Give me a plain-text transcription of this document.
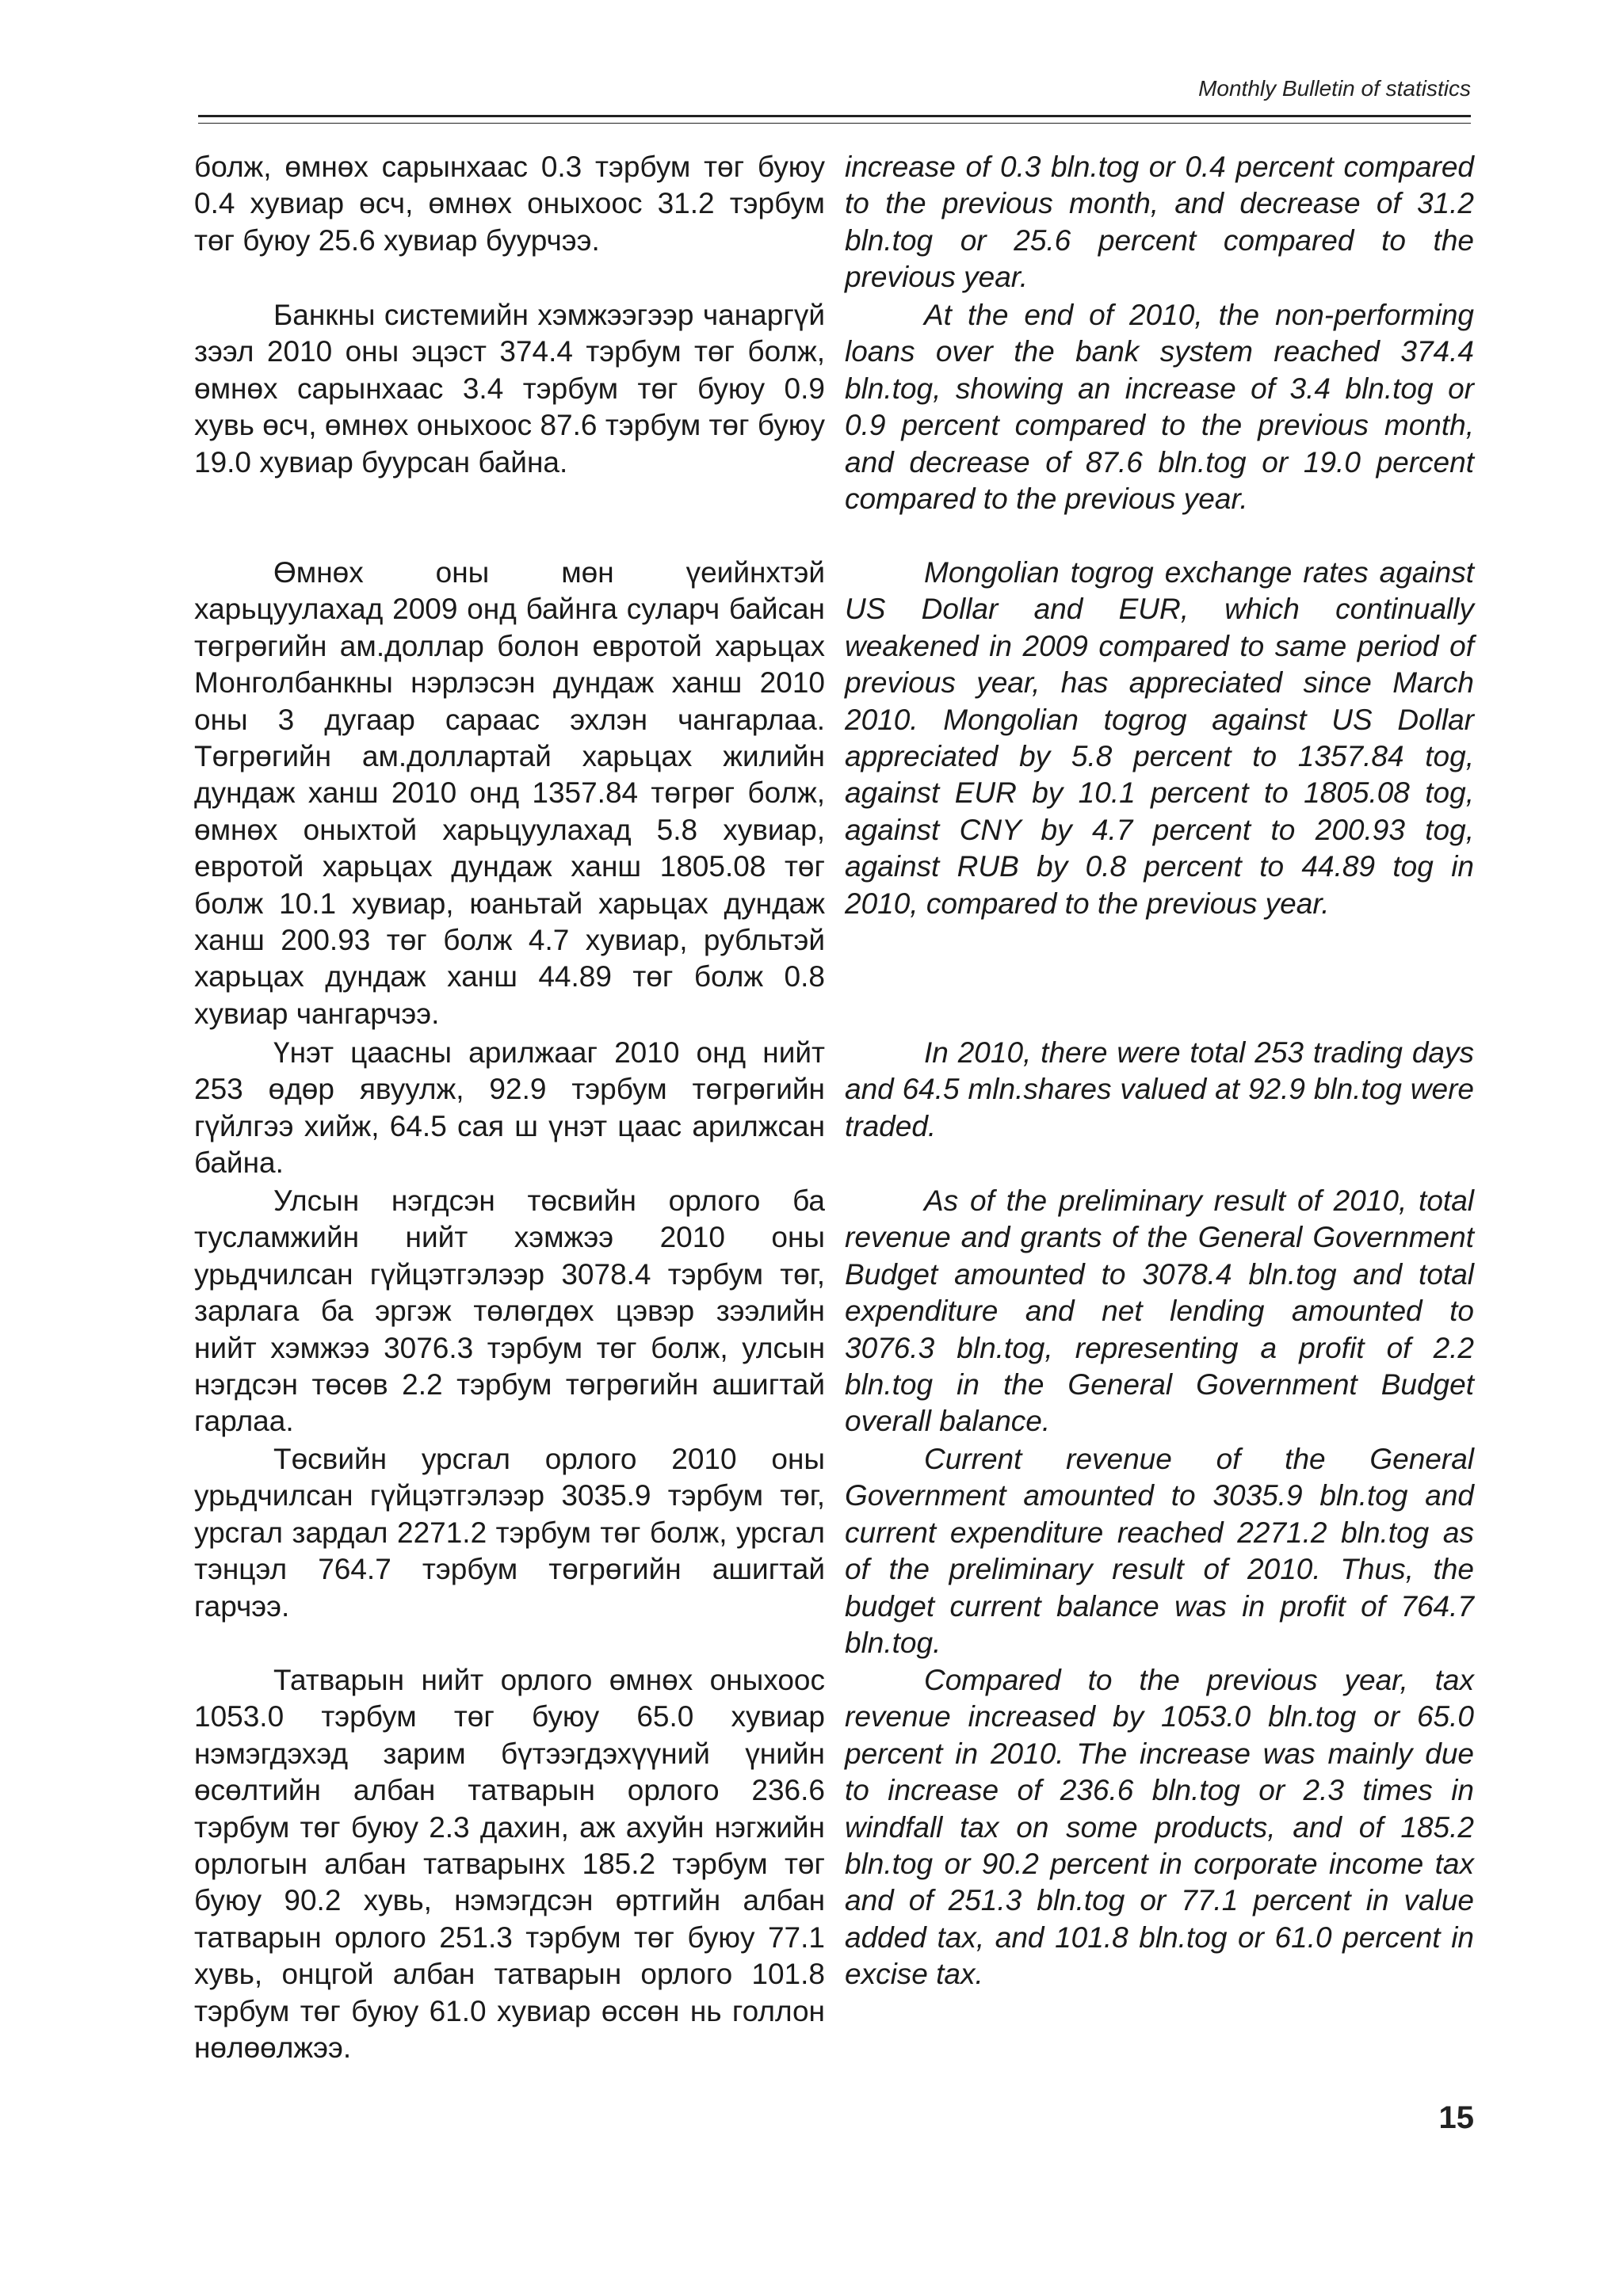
Monthly Bulletin of statistics

болж, өмнөх сарынхаас 0.3 тэрбум төг буюу 0.4 хувиар өсч, өмнөх оныхоос 31.2 тэрбум төг буюу 25.6 хувиар буурчээ.

Банкны системийн хэмжээгээр чанаргүй зээл 2010 оны эцэст 374.4 тэрбум төг болж, өмнөх сарынхаас 3.4 тэрбум төг буюу 0.9 хувь өсч, өмнөх оныхоос 87.6 тэрбум төг буюу 19.0 хувиар буурсан байна.

Өмнөх оны мөн үеийнхтэй харьцуулахад 2009 онд байнга суларч байсан төгрөгийн ам.доллар болон евротой харьцах Монголбанкны нэрлэсэн дундаж ханш 2010 оны 3 дугаар сараас эхлэн чангарлаа. Төгрөгийн ам.доллартай харьцах жилийн дундаж ханш 2010 онд 1357.84 төгрөг болж, өмнөх оныхтой харьцуулахад 5.8 хувиар, евротой харьцах дундаж ханш 1805.08 төг болж 10.1 хувиар, юаньтай харьцах дундаж ханш 200.93 төг болж 4.7 хувиар, рубльтэй харьцах дундаж ханш 44.89 төг болж 0.8 хувиар чангарчээ.

Үнэт цаасны арилжааг 2010 онд нийт 253 өдөр явуулж, 92.9 тэрбум төгрөгийн гүйлгээ хийж, 64.5 сая ш үнэт цаас арилжсан байна.

Улсын нэгдсэн төсвийн орлого ба тусламжийн нийт хэмжээ 2010 оны урьдчилсан гүйцэтгэлээр 3078.4 тэрбум төг, зарлага ба эргэж төлөгдөх цэвэр зээлийн нийт хэмжээ 3076.3 тэрбум төг болж, улсын нэгдсэн төсөв 2.2 тэрбум төгрөгийн ашигтай гарлаа.

Төсвийн урсгал орлого 2010 оны урьдчилсан гүйцэтгэлээр 3035.9 тэрбум төг, урсгал зардал 2271.2 тэрбум төг болж, урсгал тэнцэл 764.7 тэрбум төгрөгийн ашигтай гарчээ.

Татварын нийт орлого өмнөх оныхоос 1053.0 тэрбум төг буюу 65.0 хувиар нэмэгдэхэд зарим бүтээгдэхүүний үнийн өсөлтийн албан татварын орлого 236.6 тэрбум төг буюу 2.3 дахин, аж ахуйн нэгжийн орлогын албан татварынх 185.2 тэрбум төг буюу 90.2 хувь, нэмэгдсэн өртгийн албан татварын орлого 251.3 тэрбум төг буюу 77.1 хувь, онцгой албан татварын орлого 101.8 тэрбум төг буюу 61.0 хувиар өссөн нь голлон нөлөөлжээ.

increase of 0.3 bln.tog or 0.4 percent compared to the previous month, and decrease of 31.2 bln.tog or 25.6 percent compared to the previous year.

At the end of 2010, the non-performing loans over the bank system reached 374.4 bln.tog, showing an increase of 3.4 bln.tog or 0.9 percent compared to the previous month, and decrease of 87.6 bln.tog or 19.0 percent compared to the previous year.

Mongolian togrog exchange rates against US Dollar and EUR, which continually weakened in 2009 compared to same period of previous year, has appreciated since March 2010. Mongolian togrog against US Dollar appreciated by 5.8 percent to 1357.84 tog, against EUR by 10.1 percent to 1805.08 tog, against CNY by 4.7 percent to 200.93 tog, against RUB by 0.8 percent to 44.89 tog in 2010, compared to the previous year.

In 2010, there were total 253 trading days and 64.5 mln.shares valued at 92.9 bln.tog were traded.

As of the preliminary result of 2010, total revenue and grants of the General Government Budget amounted to 3078.4 bln.tog and total expenditure and net lending amounted to 3076.3 bln.tog, representing a profit of 2.2 bln.tog in the General Government Budget overall balance.

Current revenue of the General Government amounted to 3035.9 bln.tog and current expenditure reached 2271.2 bln.tog as of the preliminary result of 2010. Thus, the budget current balance was in profit of 764.7 bln.tog.

Compared to the previous year, tax revenue increased by 1053.0 bln.tog or 65.0 percent in 2010. The increase was mainly due to increase of 236.6 bln.tog or 2.3 times in windfall tax on some products, and of 185.2 bln.tog or 90.2 percent in corporate income tax and of 251.3 bln.tog or 77.1 percent in value added tax, and 101.8 bln.tog or 61.0 percent in excise tax.

15
